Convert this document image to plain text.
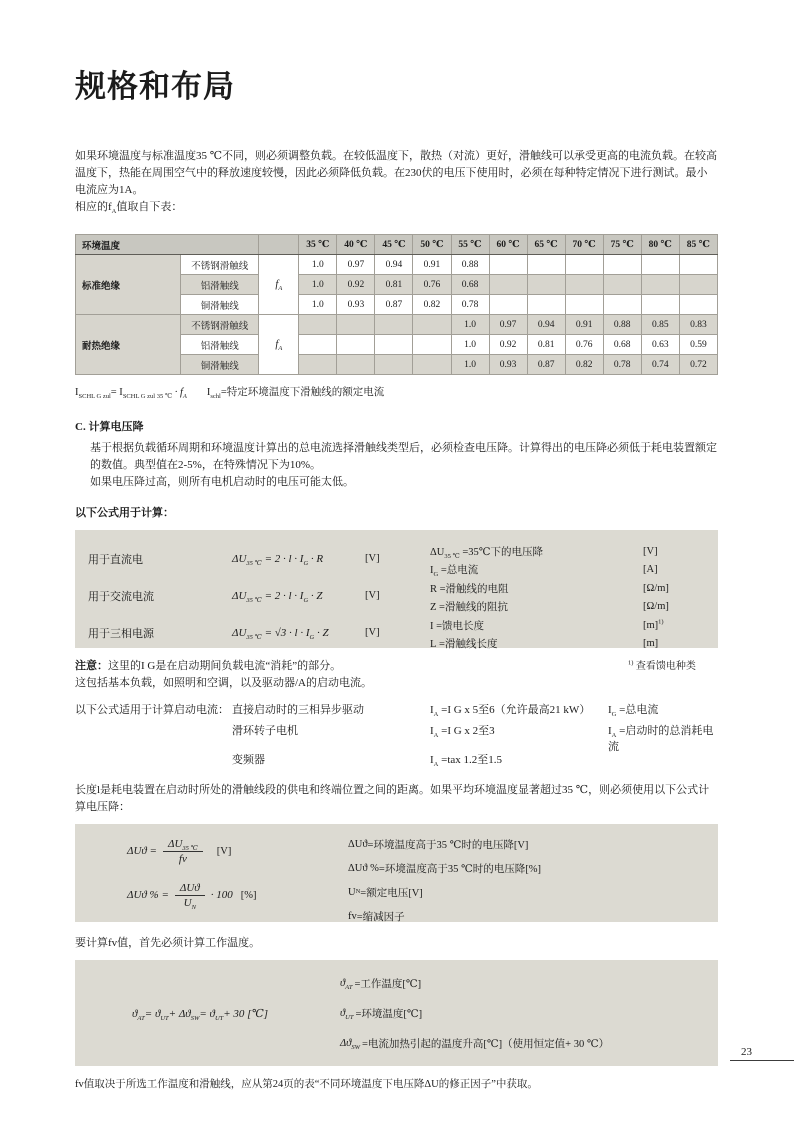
规格和布局

如果环境温度与标准温度35 ℃不同，则必须调整负载。在较低温度下，散热（对流）更好，滑触线可以承受更高的电流负载。在较高温度下，热能在周围空气中的释放速度较慢，因此必须降低负载。在230伏的电压下使用时，必须在每种特定情况下进行测试。最小电流应为1A。

相应的$f_A$值取自下表：

环境温度			35 ℃	40 ℃	45 ℃	50 ℃	55 ℃	60 ℃	65 ℃	70 ℃	75 ℃	80 ℃	85 ℃
标准绝缘	不锈钢滑触线	$f_A$	1.0	0.97	0.94	0.91	0.88						
	铝滑触线		1.0	0.92	0.81	0.76	0.68						
	铜滑触线		1.0	0.93	0.87	0.82	0.78						
耐热绝缘	不锈钢滑触线	$f_A$					1.0	0.97	0.94	0.91	0.88	0.85	0.83
	铝滑触线						1.0	0.92	0.81	0.76	0.68	0.63	0.59
	铜滑触线						1.0	0.93	0.87	0.82	0.78	0.74	0.72

$I_{SCHL G zul}= I_{SCHL G zul 35 ℃} \cdot f_A$ $I_{schl}=$特定环境温度下滑触线的额定电流

C. 计算电压降

基于根据负载循环周期和环境温度计算出的总电流选择滑触线类型后，必须检查电压降。计算得出的电压降必须低于耗电装置额定的数值。典型值在2-5%，在特殊情况下为10%。

如果电压降过高，则所有电机启动时的电压可能太低。

以下公式用于计算：

用于直流电	$\Delta U_{35 ℃} = 2 \cdot l \cdot I_G \cdot R$	[V]
用于交流电流	$\Delta U_{35 ℃} = 2 \cdot l \cdot I_G \cdot Z$	[V]
用于三相电源	$\Delta U_{35 ℃} = √3 \cdot l \cdot I_G \cdot Z$	[V]
$\Delta U_{35 ℃}$ =35℃下的电压降	[V]
$I_G$ =总电流	[A]
R =滑触线的电阻	[Ω/m]
Z =滑触线的阻抗	[Ω/m]
I =馈电长度	$[m]^{1)}$
L =滑触线长度	[m]

注意：这里的I G是在启动期间负载电流“消耗”的部分。

这包括基本负载，如照明和空调，以及驱动器/A的启动电流。

$^{1)}$ 查看馈电种类
以下公式适用于计算启动电流： 直接启动时的三相异步驱动	$I_A =I$ G x 5至6（允许最高21 kW）	$I_G$ =总电流
滑环转子电机	$I_A =I$ G x 2至3	$I_A$ =启动时的总消耗电流
变频器	$I_A =tax$ 1.2至1.5

长度l是耗电装置在启动时所处的滑触线段的供电和终端位置之间的距离。如果平均环境温度显著超过35 ℃，则必须使用以下公式计算电压降：

$\Delta Uϑ = \frac{\Delta U_{35 ℃}}{fv} [V]$
ΔUϑ % = $\frac{\text{ΔUϑ}}{U_N} \cdot 100$ [%]
ΔUϑ =环境温度高于35 ℃时的电压降[V]
ΔUϑ % =环境温度高于35 ℃时的电压降[%]
U N =额定电压[V]
fv =缩减因子

要计算fv值，首先必须计算工作温度。

$ϑ_{AT}= ϑ_{UT}+ \Delta ϑ_{SW}= ϑ_{UT}+ 30$ [℃]
$ϑ_{AT}$ =工作温度[℃]
$ϑ_{UT}$ =环境温度[℃]
$\Delta ϑ_{SW}$ =电流加热引起的温度升高[℃]（使用恒定值+ 30 ℃）

fv值取决于所选工作温度和滑触线，应从第24页的表“不同环境温度下电压降ΔU的修正因子”中获取。

23
